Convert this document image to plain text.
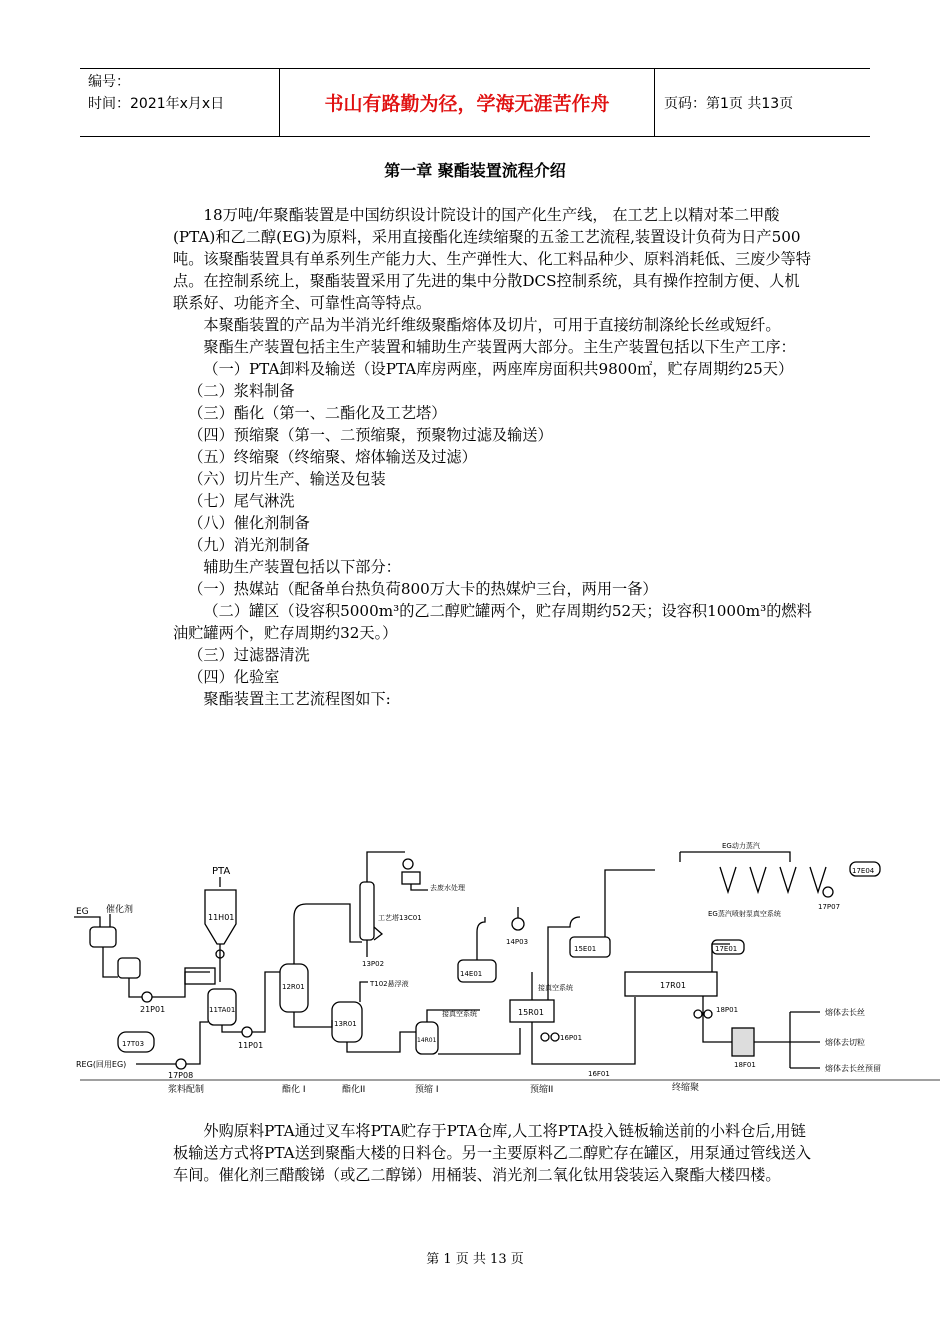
编号：
时间：2021年x月x日	书山有路勤为径，学海无涯苦作舟	页码：第1页 共13页
第一章 聚酯装置流程介绍

18万吨/年聚酯装置是中国纺织设计院设计的国产化生产线， 在工艺上以精对苯二甲酸(PTA)和乙二醇(EG)为原料，采用直接酯化连续缩聚的五釜工艺流程,装置设计负荷为日产500吨。该聚酯装置具有单系列生产能力大、生产弹性大、化工料品种少、原料消耗低、三废少等特点。在控制系统上，聚酯装置采用了先进的集中分散DCS控制系统，具有操作控制方便、人机联系好、功能齐全、可靠性高等特点。

本聚酯装置的产品为半消光纤维级聚酯熔体及切片，可用于直接纺制涤纶长丝或短纤。

聚酯生产装置包括主生产装置和辅助生产装置两大部分。主生产装置包括以下生产工序：

（一）PTA卸料及输送（设PTA库房两座，两座库房面积共9800㎡，贮存周期约25天）

（二）浆料制备

（三）酯化（第一、二酯化及工艺塔）

（四）预缩聚（第一、二预缩聚，预聚物过滤及输送）

（五）终缩聚（终缩聚、熔体输送及过滤）

（六）切片生产、输送及包装

（七）尾气淋洗

（八）催化剂制备

（九）消光剂制备

辅助生产装置包括以下部分：

（一）热媒站（配备单台热负荷800万大卡的热媒炉三台，两用一备）

（二）罐区（设容积5000m³的乙二醇贮罐两个，贮存周期约52天；设容积1000m³的燃料油贮罐两个，贮存周期约32天。）

（三）过滤器清洗

（四）化验室

聚酯装置主工艺流程图如下:

EG 催化剂
21P01
PTA
11H01
11TA01
11P01
17T03
REG(回用EG)
17P08
12R01
13R01
T102悬浮液
工艺塔13C01
去废水处理
13P02
14R01
接真空系统
14E01
14P03
15R01
接真空系统
16P01
16F01
15E01
17R01
18P01
18F01
熔体去长丝
熔体去切粒
熔体去长丝预留
EG动力蒸汽
EG蒸汽喷射泵真空系统
17E04
17P07
17E01
浆料配制	酯化 I	酯化II	预缩 I	预缩II	终缩聚

外购原料PTA通过叉车将PTA贮存于PTA仓库,人工将PTA投入链板输送前的小料仓后,用链板输送方式将PTA送到聚酯大楼的日料仓。另一主要原料乙二醇贮存在罐区，用泵通过管线送入车间。催化剂三醋酸锑（或乙二醇锑）用桶装、消光剂二氧化钛用袋装运入聚酯大楼四楼。

第 1 页 共 13 页
